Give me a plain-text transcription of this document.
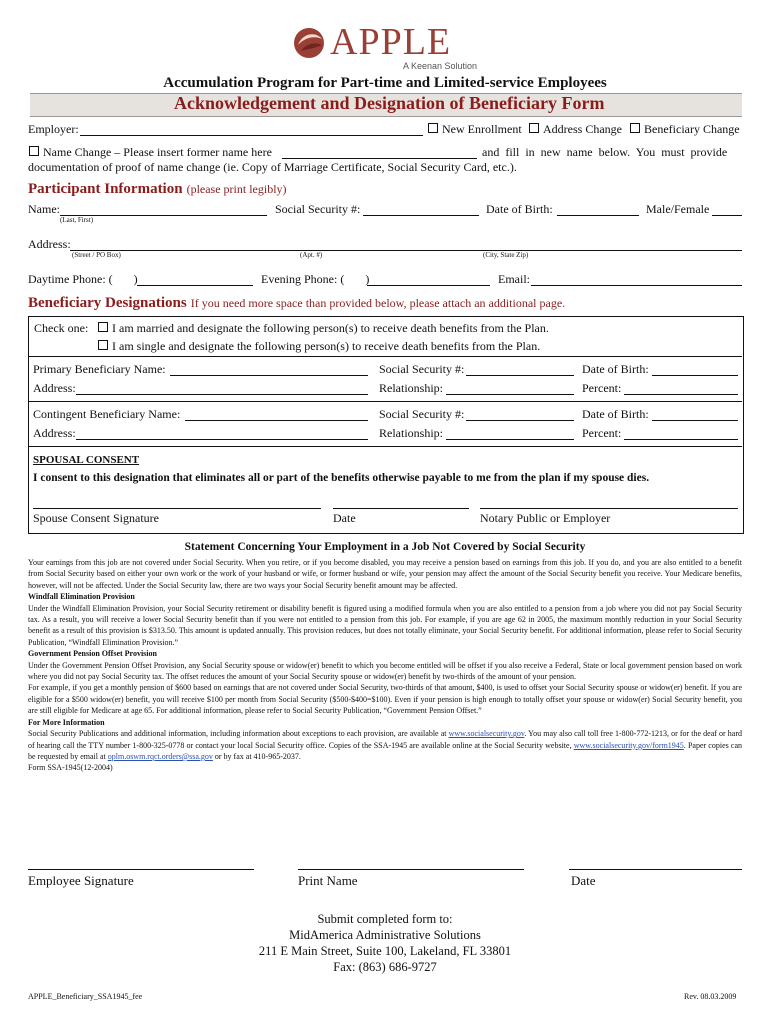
APPLE
A Keenan Solution
Accumulation Program for Part-time and Limited-service Employees
Acknowledgement and Designation of Beneficiary Form
Employer:	New Enrollment	Address Change	Beneficiary Change
Name Change – Please insert former name here	and fill in new name below. You must provide
documentation of proof of name change (ie. Copy of Marriage Certificate, Social Security Card, etc.).
Participant Information (please print legibly)
Name:
(Last, First)
Social Security #:	Date of Birth:	Male/Female
Address:
(Street / PO Box)	(Apt. #)	(City, State Zip)
Daytime Phone: (       )	Evening Phone: (       )	Email:
Beneficiary Designations If you need more space than provided below, please attach an additional page.
Check one:	I am married and designate the following person(s) to receive death benefits from the Plan.
I am single and designate the following person(s) to receive death benefits from the Plan.
Primary Beneficiary Name:	Social Security #:	Date of Birth:
Address:	Relationship:	Percent:
Contingent Beneficiary Name:	Social Security #:	Date of Birth:
Address:	Relationship:	Percent:
SPOUSAL CONSENT
I consent to this designation that eliminates all or part of the benefits otherwise payable to me from the plan if my spouse dies.
Spouse Consent Signature	Date	Notary Public or Employer
Statement Concerning Your Employment in a Job Not Covered by Social Security
Your earnings from this job are not covered under Social Security. When you retire, or if you become disabled, you may receive a pension based on earnings from this job. If you do, and you are also entitled to a benefit from Social Security based on either your own work or the work of your husband or wife, or former husband or wife, your pension may affect the amount of the Social Security benefit you receive. Your Medicare benefits, however, will not be affected. Under the Social Security law, there are two ways your Social Security benefit amount may be affected.
Windfall Elimination Provision
Under the Windfall Elimination Provision, your Social Security retirement or disability benefit is figured using a modified formula when you are also entitled to a pension from a job where you did not pay Social Security tax. As a result, you will receive a lower Social Security benefit than if you were not entitled to a pension from this job. For example, if you are age 62 in 2005, the maximum monthly reduction in your Social Security benefit as a result of this provision is $313.50. This amount is updated annually. This provision reduces, but does not totally eliminate, your Social Security benefit. For additional information, please refer to Social Security Publication, “Windfall Elimination Provision.”
Government Pension Offset Provision
Under the Government Pension Offset Provision, any Social Security spouse or widow(er) benefit to which you become entitled will be offset if you also receive a Federal, State or local government pension based on work where you did not pay Social Security tax. The offset reduces the amount of your Social Security spouse or widow(er) benefit by two-thirds of the amount of your pension.
For example, if you get a monthly pension of $600 based on earnings that are not covered under Social Security, two-thirds of that amount, $400, is used to offset your Social Security spouse or widow(er) benefit. If you are eligible for a $500 widow(er) benefit, you will receive $100 per month from Social Security ($500-$400=$100). Even if your pension is high enough to totally offset your spouse or widow(er) Social Security benefit, you are still eligible for Medicare at age 65. For additional information, please refer to Social Security Publication, “Government Pension Offset.”
For More Information
Social Security Publications and additional information, including information about exceptions to each provision, are available at www.socialsecurity.gov. You may also call toll free 1-800-772-1213, or for the deaf or hard of hearing call the TTY number 1-800-325-0778 or contact your local Social Security office. Copies of the SSA-1945 are available online at the Social Security website, www.socialsecurity.gov/form1945. Paper copies can be requested by email at oplm.oswm.rqct.orders@ssa.gov or by fax at 410-965-2037.
Form SSA-1945(12-2004)
Employee Signature	Print Name	Date
Submit completed form to:
MidAmerica Administrative Solutions
211 E Main Street, Suite 100, Lakeland, FL 33801
Fax: (863) 686-9727
APPLE_Beneficiary_SSA1945_fee	Rev. 08.03.2009
